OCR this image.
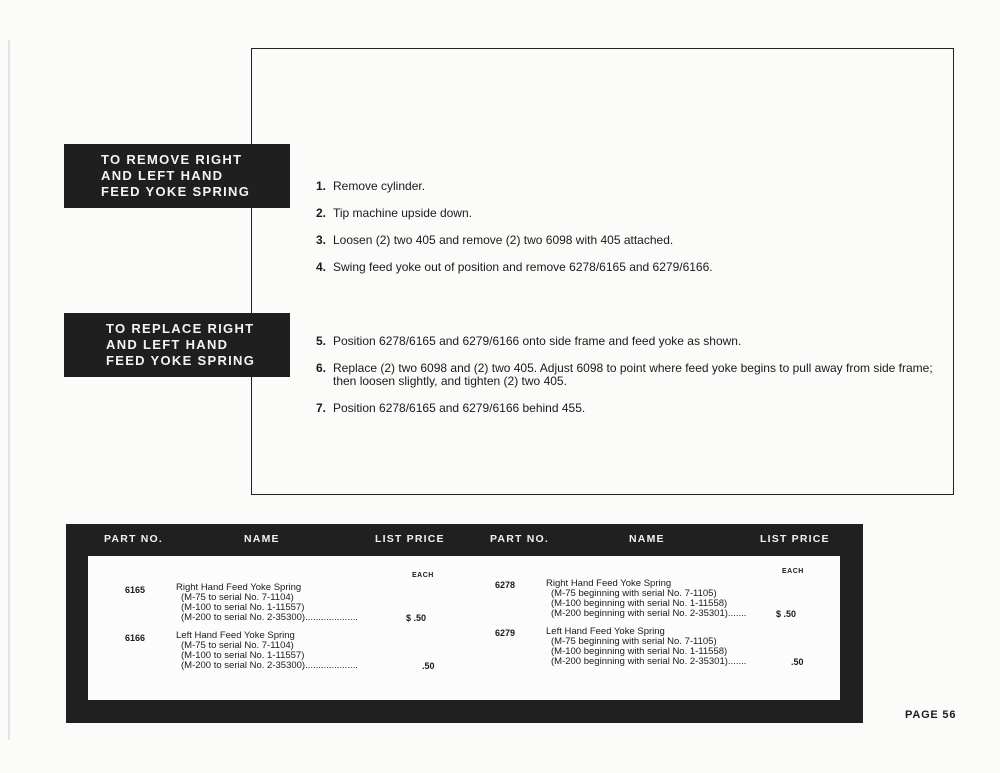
TO REMOVE RIGHT
AND LEFT HAND
FEED YOKE SPRING
TO REPLACE RIGHT
AND LEFT HAND
FEED YOKE SPRING
1. Remove cylinder.
2. Tip machine upside down.
3. Loosen (2) two 405 and remove (2) two 6098 with 405 attached.
4. Swing feed yoke out of position and remove 6278/6165 and 6279/6166.
5. Position 6278/6165 and 6279/6166 onto side frame and feed yoke as shown.
6. Replace (2) two 6098 and (2) two 405. Adjust 6098 to point where feed yoke begins to pull away from side frame; then loosen slightly, and tighten (2) two 405.
7. Position 6278/6165 and 6279/6166 behind 455.
PART NO.	NAME	LIST PRICE	PART NO.	NAME	LIST PRICE
EACH
EACH
6165	Right Hand Feed Yoke Spring
(M-75 to serial No. 7-1104)
(M-100 to serial No. 1-11557)
(M-200 to serial No. 2-35300)....................	$ .50
6166	Left Hand Feed Yoke Spring
(M-75 to serial No. 7-1104)
(M-100 to serial No. 1-11557)
(M-200 to serial No. 2-35300)....................	.50
6278	Right Hand Feed Yoke Spring
(M-75 beginning with serial No. 7-1105)
(M-100 beginning with serial No. 1-11558)
(M-200 beginning with serial No. 2-35301).......	$ .50
6279	Left Hand Feed Yoke Spring
(M-75 beginning with serial No. 7-1105)
(M-100 beginning with serial No. 1-11558)
(M-200 beginning with serial No. 2-35301).......	.50
PAGE 56
